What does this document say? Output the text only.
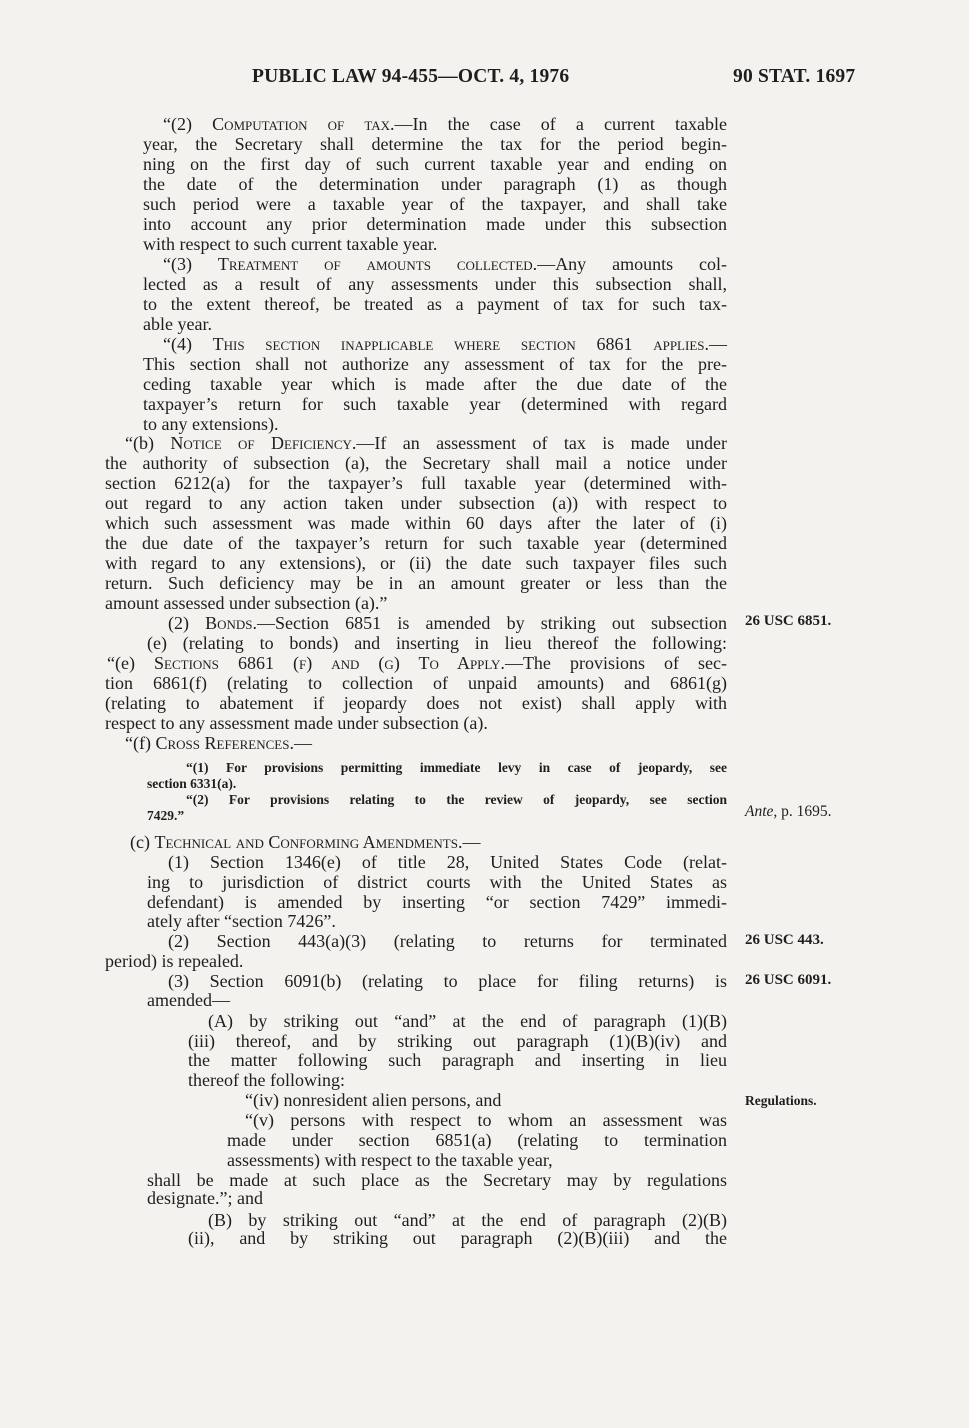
PUBLIC LAW 94-455—OCT. 4, 1976	90 STAT. 1697
“(2) Computation of tax.—In the case of a current taxable
year, the Secretary shall determine the tax for the period begin-
ning on the first day of such current taxable year and ending on
the date of the determination under paragraph (1) as though
such period were a taxable year of the taxpayer, and shall take
into account any prior determination made under this subsection
with respect to such current taxable year.
“(3) Treatment of amounts collected.—Any amounts col-
lected as a result of any assessments under this subsection shall,
to the extent thereof, be treated as a payment of tax for such tax-
able year.
“(4) This section inapplicable where section 6861 applies.—
This section shall not authorize any assessment of tax for the pre-
ceding taxable year which is made after the due date of the
taxpayer’s return for such taxable year (determined with regard
to any extensions).
“(b) Notice of Deficiency.—If an assessment of tax is made under
the authority of subsection (a), the Secretary shall mail a notice under
section 6212(a) for the taxpayer’s full taxable year (determined with-
out regard to any action taken under subsection (a)) with respect to
which such assessment was made within 60 days after the later of (i)
the due date of the taxpayer’s return for such taxable year (determined
with regard to any extensions), or (ii) the date such taxpayer files such
return. Such deficiency may be in an amount greater or less than the
amount assessed under subsection (a).”
(2) Bonds.—Section 6851 is amended by striking out subsection
(e) (relating to bonds) and inserting in lieu thereof the following:
“(e) Sections 6861 (f) and (g) To Apply.—The provisions of sec-
tion 6861(f) (relating to collection of unpaid amounts) and 6861(g)
(relating to abatement if jeopardy does not exist) shall apply with
respect to any assessment made under subsection (a).
“(f) Cross References.—
“(1) For provisions permitting immediate levy in case of jeopardy, see
section 6331(a).
“(2) For provisions relating to the review of jeopardy, see section
7429.”
(c) Technical and Conforming Amendments.—
(1) Section 1346(e) of title 28, United States Code (relat-
ing to jurisdiction of district courts with the United States as
defendant) is amended by inserting “or section 7429” immedi-
ately after “section 7426”.
(2) Section 443(a)(3) (relating to returns for terminated
period) is repealed.
(3) Section 6091(b) (relating to place for filing returns) is
amended—
(A) by striking out “and” at the end of paragraph (1)(B)
(iii) thereof, and by striking out paragraph (1)(B)(iv) and
the matter following such paragraph and inserting in lieu
thereof the following:
“(iv) nonresident alien persons, and
“(v) persons with respect to whom an assessment was
made under section 6851(a) (relating to termination
assessments) with respect to the taxable year,
shall be made at such place as the Secretary may by regulations
designate.”; and
(B) by striking out “and” at the end of paragraph (2)(B)
(ii), and by striking out paragraph (2)(B)(iii) and the
26 USC 6851.
Ante, p. 1695.
26 USC 443.
26 USC 6091.
Regulations.
